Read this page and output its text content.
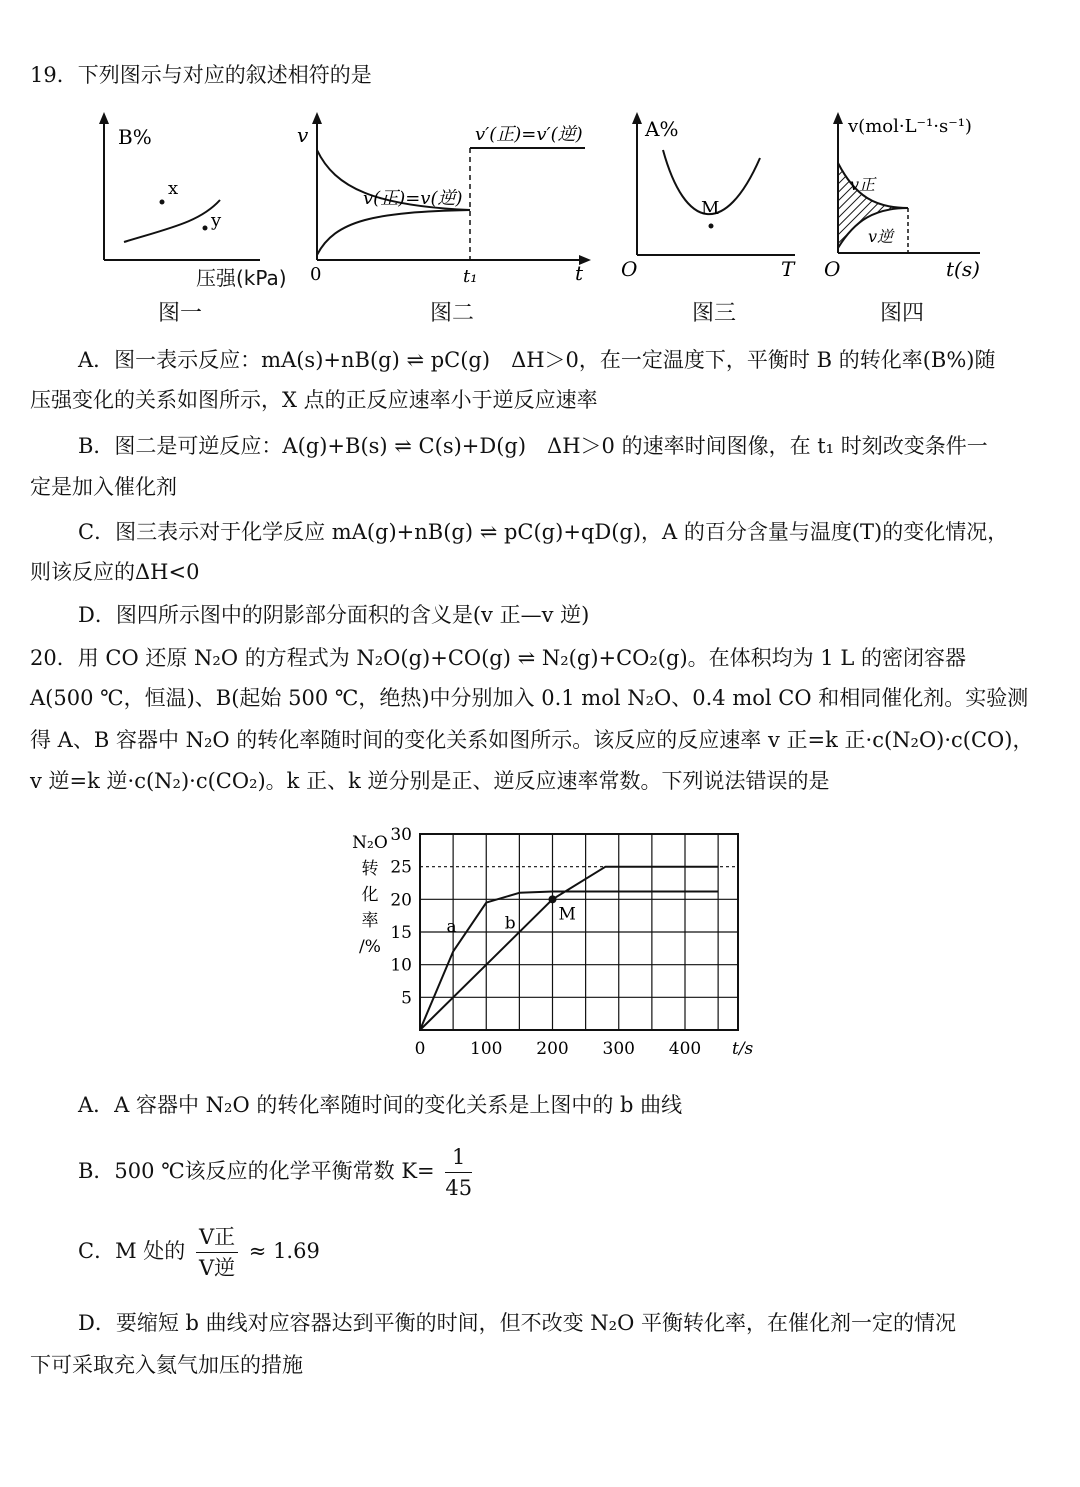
19．下列图示与对应的叙述相符的是
B%
x
y
压强(kPa)
图一
v	v′(正)=v′(逆)
v(正)=v(逆)
0	t₁	t
图二
A%
M
O	T
图三
v(mol·L⁻¹·s⁻¹)
v正
v逆
O	t(s)
图四
A．图一表示反应：mA(s)+nB(g) ⇌ pC(g)　ΔH＞0，在一定温度下，平衡时 B 的转化率(B%)随
压强变化的关系如图所示，X 点的正反应速率小于逆反应速率
B．图二是可逆反应：A(g)+B(s) ⇌ C(s)+D(g)　ΔH＞0 的速率时间图像，在 t₁ 时刻改变条件一
定是加入催化剂
C．图三表示对于化学反应 mA(g)+nB(g) ⇌ pC(g)+qD(g)，A 的百分含量与温度(T)的变化情况，
则该反应的ΔH<0
D．图四所示图中的阴影部分面积的含义是(v 正—v 逆)
20．用 CO 还原 N₂O 的方程式为 N₂O(g)+CO(g) ⇌ N₂(g)+CO₂(g)。在体积均为 1 L 的密闭容器
A(500 ℃，恒温)、B(起始 500 ℃，绝热)中分别加入 0.1 mol N₂O、0.4 mol CO 和相同催化剂。实验测
得 A、B 容器中 N₂O 的转化率随时间的变化关系如图所示。该反应的反应速率 v 正=k 正·c(N₂O)·c(CO)，
v 逆=k 逆·c(N₂)·c(CO₂)。k 正、k 逆分别是正、逆反应速率常数。下列说法错误的是
5
10
15
20
25
30
0	100 200 300 400 t/s
N₂O
转
化
率
/%
a	b	M
A．A 容器中 N₂O 的转化率随时间的变化关系是上图中的 b 曲线
B．500 ℃该反应的化学平衡常数 $K= \frac{1}{45}$
C．M 处的 $\frac{\text{V正}}{\text{V逆}} \approx 1.69$
D．要缩短 b 曲线对应容器达到平衡的时间，但不改变 N₂O 平衡转化率，在催化剂一定的情况
下可采取充入氦气加压的措施
